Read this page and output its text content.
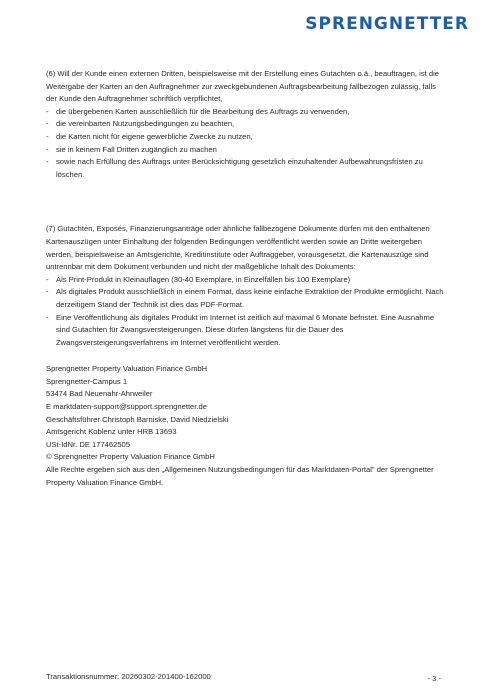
SPRENGNETTER

(6) Will der Kunde einen externen Dritten, beispielsweise mit der Erstellung eines Gutachten o.ä., beauftragen, ist die Weitergabe der Karten an den Auftragnehmer zur zweckgebundenen Auftragsbearbeitung fallbezogen zulässig, falls der Kunde den Auftragnehmer schriftlich verpflichtet,

- die übergebenen Karten ausschließlich für die Bearbeitung des Auftrags zu verwenden,
- die vereinbarten Nutzungsbedingungen zu beachten,
- die Karten nicht für eigene gewerbliche Zwecke zu nutzen,
- sie in keinem Fall Dritten zugänglich zu machen
- sowie nach Erfüllung des Auftrags unter Berücksichtigung gesetzlich einzuhaltender Aufbewahrungsfristen zu löschen.

(7) Gutachten, Exposés, Finanzierungsanträge oder ähnliche fallbezogene Dokumente dürfen mit den enthaltenen Kartenauszügen unter Einhaltung der folgenden Bedingungen veröffentlicht werden sowie an Dritte weitergeben werden, beispielsweise an Amtsgerichte, Kreditinstitute oder Auftraggeber, vorausgesetzt, die Kartenauszüge sind untrennbar mit dem Dokument verbunden und nicht der maßgebliche Inhalt des Dokuments:

- Als Print-Produkt in Kleinauflagen (30-40 Exemplare, in Einzelfällen bis 100 Exemplare)
- Als digitales Produkt ausschließlich in einem Format, dass keine einfache Extraktion der Produkte ermöglicht. Nach derzeitigem Stand der Technik ist dies das PDF-Format.
- Eine Veröffentlichung als digitales Produkt im Internet ist zeitlich auf maximal 6 Monate befristet. Eine Ausnahme sind Gutachten für Zwangsversteigerungen. Diese dürfen längstens für die Dauer des Zwangsversteigerungsverfahrens im Internet veröffentlicht werden.

Sprengnetter Property Valuation Finance GmbH

Sprengnetter-Campus 1

53474 Bad Neuenahr-Ahrweiler

E marktdaten-support@support.sprengnetter.de

Geschäftsführer Christoph Barniske, David Niedzielski

Amtsgericht Koblenz unter HRB 13693

USt-IdNr. DE 177462505

© Sprengnetter Property Valuation Finance GmbH

Alle Rechte ergeben sich aus den „Allgemeinen Nutzungsbedingungen für das Marktdaten-Portal" der Sprengnetter Property Valuation Finance GmbH.

Transaktionsnummer: 20260302-201400-162000	- 3 -
